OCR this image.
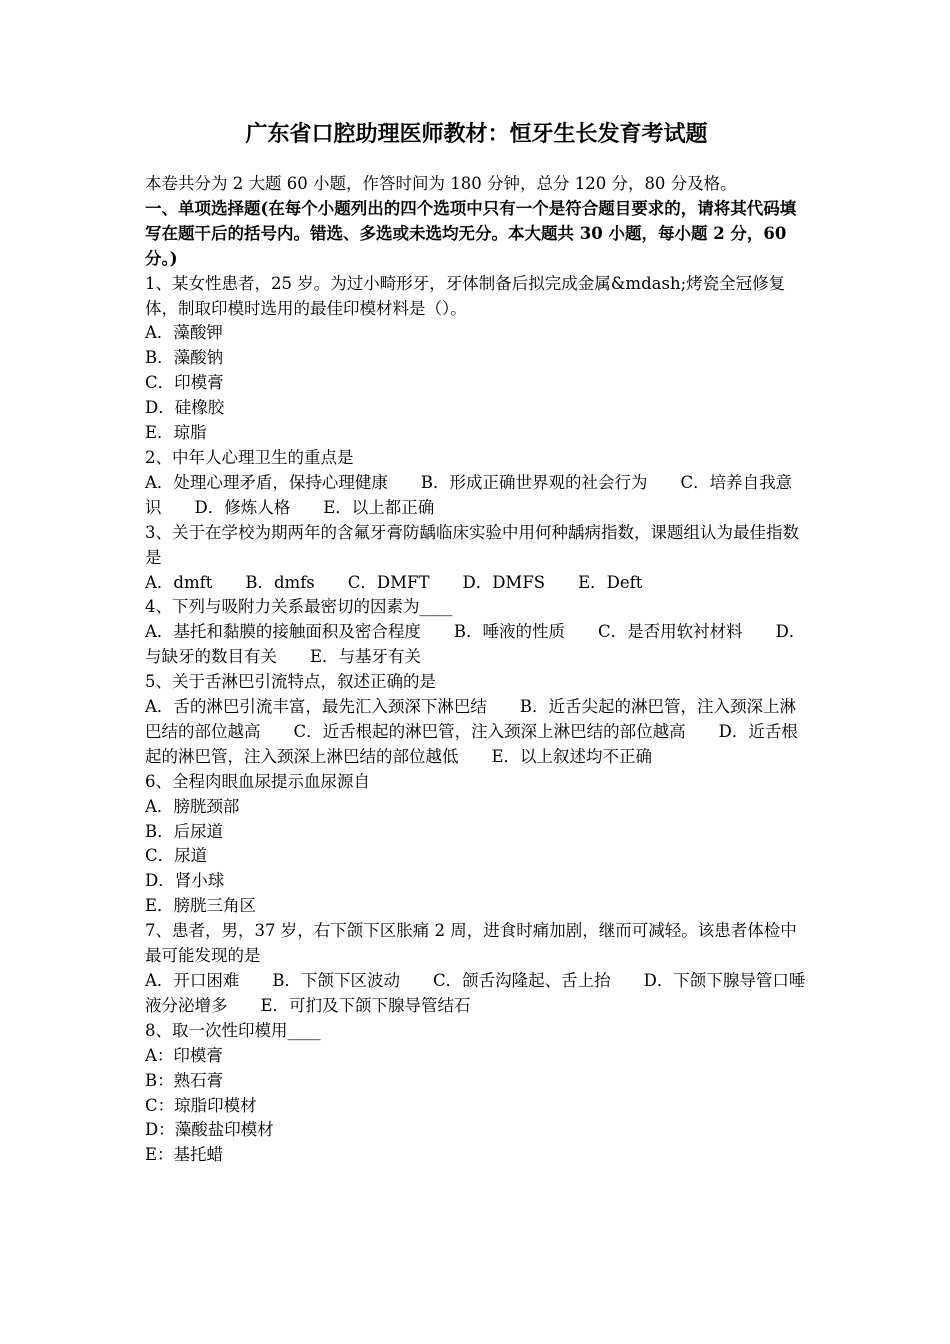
广东省口腔助理医师教材：恒牙生长发育考试题

本卷共分为 2 大题 60 小题，作答时间为 180 分钟，总分 120 分，80 分及格。

一、单项选择题(在每个小题列出的四个选项中只有一个是符合题目要求的，请将其代码填写在题干后的括号内。错选、多选或未选均无分。本大题共 30 小题，每小题 2 分，60 分。)

1、某女性患者，25 岁。为过小畸形牙，牙体制备后拟完成金属&mdash;烤瓷全冠修复体，制取印模时选用的最佳印模材料是（）。

A．藻酸钾

B．藻酸钠

C．印模膏

D．硅橡胶

E．琼脂

2、中年人心理卫生的重点是

A．处理心理矛盾，保持心理健康　　B．形成正确世界观的社会行为　　C．培养自我意识　　D．修炼人格　　E．以上都正确

3、关于在学校为期两年的含氟牙膏防龋临床实验中用何种龋病指数，课题组认为最佳指数是

A．dmft　　B．dmfs　　C．DMFT　　D．DMFS　　E．Deft

4、下列与吸附力关系最密切的因素为____

A．基托和黏膜的接触面积及密合程度　　B．唾液的性质　　C．是否用软衬材料　　D．与缺牙的数目有关　　E．与基牙有关

5、关于舌淋巴引流特点，叙述正确的是

A．舌的淋巴引流丰富，最先汇入颈深下淋巴结　　B．近舌尖起的淋巴管，注入颈深上淋巴结的部位越高　　C．近舌根起的淋巴管，注入颈深上淋巴结的部位越高　　D．近舌根起的淋巴管，注入颈深上淋巴结的部位越低　　E．以上叙述均不正确

6、全程肉眼血尿提示血尿源自

A．膀胱颈部

B．后尿道

C．尿道

D．肾小球

E．膀胱三角区

7、患者，男，37 岁，右下颌下区胀痛 2 周，进食时痛加剧，继而可减轻。该患者体检中最可能发现的是

A．开口困难　　B．下颌下区波动　　C．颌舌沟隆起、舌上抬　　D．下颌下腺导管口唾液分泌增多　　E．可扪及下颌下腺导管结石

8、取一次性印模用____

A：印模膏

B：熟石膏

C：琼脂印模材

D：藻酸盐印模材

E：基托蜡
